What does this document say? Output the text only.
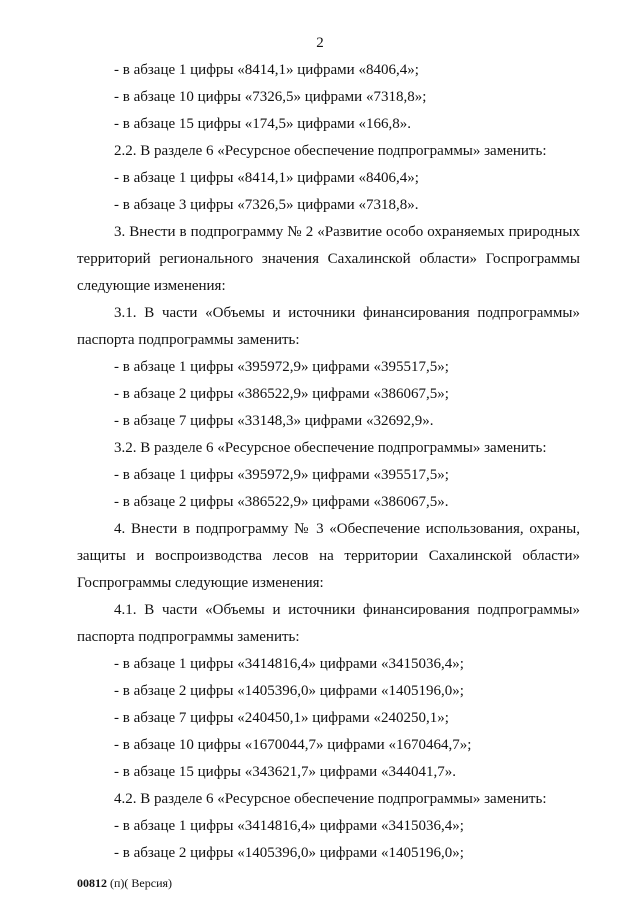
2
- в абзаце 1 цифры «8414,1» цифрами «8406,4»;
- в абзаце 10 цифры «7326,5» цифрами «7318,8»;
- в абзаце 15 цифры «174,5» цифрами «166,8».
2.2. В разделе 6 «Ресурсное обеспечение подпрограммы» заменить:
- в абзаце 1 цифры «8414,1» цифрами «8406,4»;
- в абзаце 3 цифры «7326,5» цифрами «7318,8».
3. Внести в подпрограмму № 2 «Развитие особо охраняемых природных
территорий регионального значения Сахалинской области» Госпрограммы
следующие изменения:
3.1. В части «Объемы и источники финансирования подпрограммы»
паспорта подпрограммы заменить:
- в абзаце 1 цифры «395972,9» цифрами «395517,5»;
- в абзаце 2 цифры «386522,9» цифрами «386067,5»;
- в абзаце 7 цифры «33148,3» цифрами «32692,9».
3.2. В разделе 6 «Ресурсное обеспечение подпрограммы» заменить:
- в абзаце 1 цифры «395972,9» цифрами «395517,5»;
- в абзаце 2 цифры «386522,9» цифрами «386067,5».
4. Внести в подпрограмму № 3 «Обеспечение использования, охраны,
защиты и воспроизводства лесов на территории Сахалинской области»
Госпрограммы следующие изменения:
4.1. В части «Объемы и источники финансирования подпрограммы»
паспорта подпрограммы заменить:
- в абзаце 1 цифры «3414816,4» цифрами «3415036,4»;
- в абзаце 2 цифры «1405396,0» цифрами «1405196,0»;
- в абзаце 7 цифры «240450,1» цифрами «240250,1»;
- в абзаце 10 цифры «1670044,7» цифрами «1670464,7»;
- в абзаце 15 цифры «343621,7» цифрами «344041,7».
4.2. В разделе 6 «Ресурсное обеспечение подпрограммы» заменить:
- в абзаце 1 цифры «3414816,4» цифрами «3415036,4»;
- в абзаце 2 цифры «1405396,0» цифрами «1405196,0»;
00812 (п)( Версия)
